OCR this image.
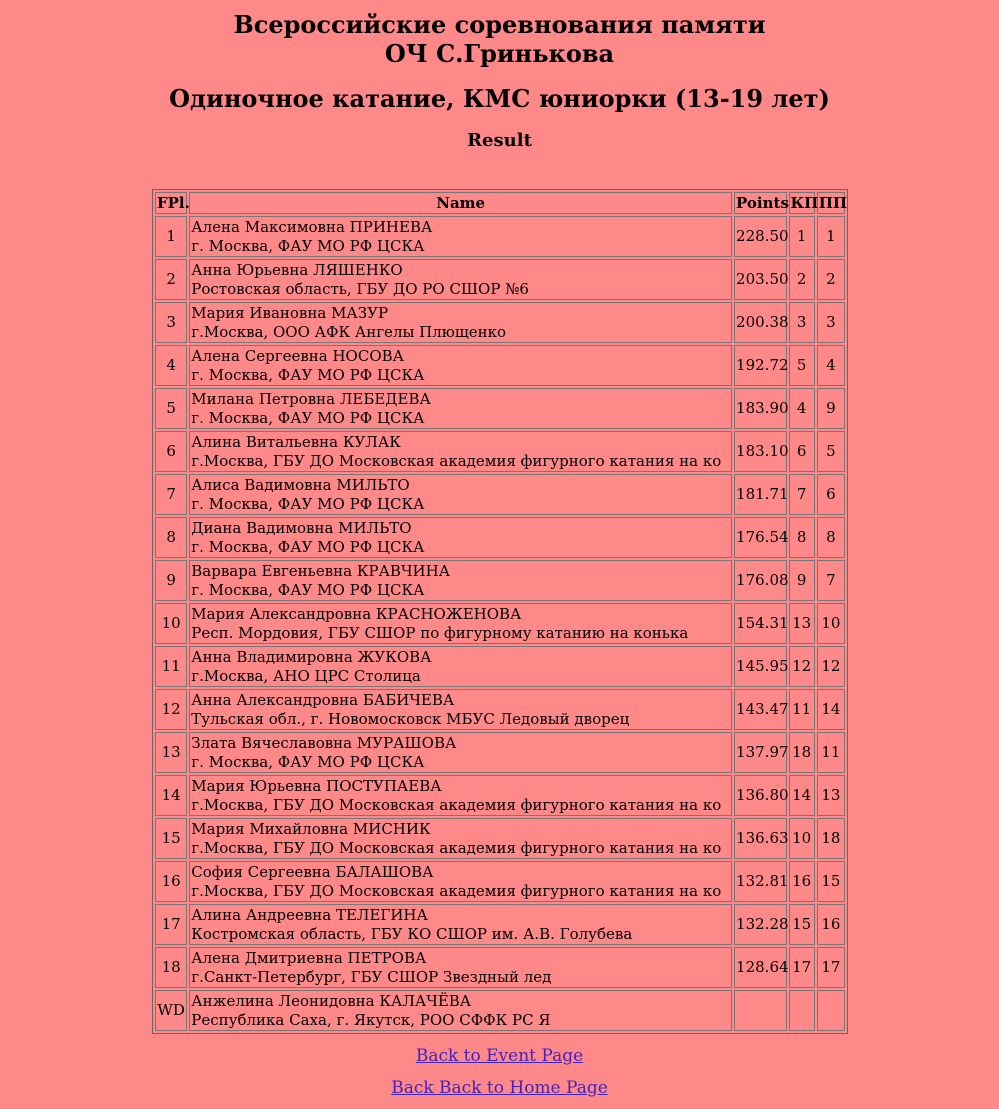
Всероссийские соревнования памяти ОЧ С.Гринькова
Одиночное катание, КМС юниорки (13-19 лет)
Result
FPl.	Name	Points	КП	ПП
1	Алена Максимовна ПРИНЕВА
г. Москва, ФАУ МО РФ ЦСКА	228.50	1	1
2	Анна Юрьевна ЛЯШЕНКО
Ростовская область, ГБУ ДО РО СШОР №6	203.50	2	2
3	Мария Ивановна МАЗУР
г.Москва, ООО АФК Ангелы Плющенко	200.38	3	3
4	Алена Сергеевна НОСОВА
г. Москва, ФАУ МО РФ ЦСКА	192.72	5	4
5	Милана Петровна ЛЕБЕДЕВА
г. Москва, ФАУ МО РФ ЦСКА	183.90	4	9
6	Алина Витальевна КУЛАК
г.Москва, ГБУ ДО Московская академия фигурного катания на ко	183.10	6	5
7	Алиса Вадимовна МИЛЬТО
г. Москва, ФАУ МО РФ ЦСКА	181.71	7	6
8	Диана Вадимовна МИЛЬТО
г. Москва, ФАУ МО РФ ЦСКА	176.54	8	8
9	Варвара Евгеньевна КРАВЧИНА
г. Москва, ФАУ МО РФ ЦСКА	176.08	9	7
10	Мария Александровна КРАСНОЖЕНОВА
Респ. Мордовия, ГБУ СШОР по фигурному катанию на конька	154.31	13	10
11	Анна Владимировна ЖУКОВА
г.Москва, АНО ЦРС Столица	145.95	12	12
12	Анна Александровна БАБИЧЕВА
Тульская обл., г. Новомосковск МБУС Ледовый дворец	143.47	11	14
13	Злата Вячеславовна МУРАШОВА
г. Москва, ФАУ МО РФ ЦСКА	137.97	18	11
14	Мария Юрьевна ПОСТУПАЕВА
г.Москва, ГБУ ДО Московская академия фигурного катания на ко	136.80	14	13
15	Мария Михайловна МИСНИК
г.Москва, ГБУ ДО Московская академия фигурного катания на ко	136.63	10	18
16	София Сергеевна БАЛАШОВА
г.Москва, ГБУ ДО Московская академия фигурного катания на ко	132.81	16	15
17	Алина Андреевна ТЕЛЕГИНА
Костромская область, ГБУ КО СШОР им. А.В. Голубева	132.28	15	16
18	Алена Дмитриевна ПЕТРОВА
г.Санкт-Петербург, ГБУ СШОР Звездный лед	128.64	17	17
WD	Анжелина Леонидовна КАЛАЧЁВА
Республика Саха, г. Якутск, РОО СФФК РС Я			

Back to Event Page
Back Back to Home Page
